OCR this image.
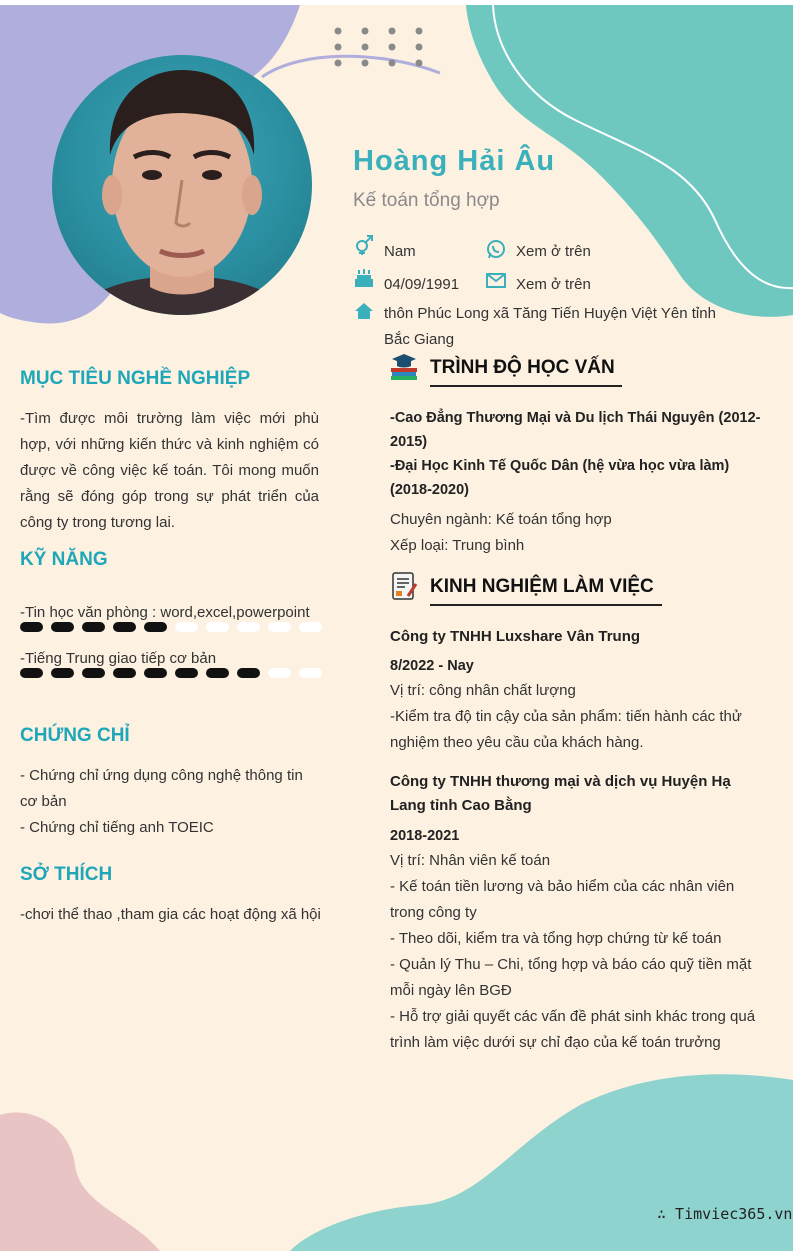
Hoàng Hải Âu
Kế toán tổng hợp
Nam	Xem ở trên
04/09/1991	Xem ở trên
thôn Phúc Long xã Tăng Tiến Huyện Việt Yên tỉnh Bắc Giang
MỤC TIÊU NGHỀ NGHIỆP
-Tìm được môi trường làm việc mới phù hợp, với những kiến thức và kinh nghiệm có được về công việc kế toán. Tôi mong muốn rằng sẽ đóng góp trong sự phát triển của công ty trong tương lai.
KỸ NĂNG
-Tin học văn phòng : word,excel,powerpoint
-Tiếng Trung giao tiếp cơ bản
CHỨNG CHỈ
- Chứng chỉ ứng dụng công nghệ thông tin cơ bản
- Chứng chỉ tiếng anh TOEIC
SỞ THÍCH
-chơi thể thao ,tham gia các hoạt động xã hội
TRÌNH ĐỘ HỌC VẤN
-Cao Đẳng Thương Mại và Du lịch Thái Nguyên (2012-2015)
-Đại Học Kinh Tế Quốc Dân (hệ vừa học vừa làm)(2018-2020)
Chuyên ngành: Kế toán tổng hợp
Xếp loại: Trung bình
KINH NGHIỆM LÀM VIỆC
Công ty TNHH Luxshare Vân Trung
8/2022 - Nay
Vị trí: công nhân chất lượng
-Kiểm tra độ tin cậy của sản phẩm: tiến hành các thử nghiệm theo yêu cầu của khách hàng.
Công ty TNHH thương mại và dịch vụ Huyện Hạ Lang tỉnh Cao Bằng
2018-2021
Vị trí: Nhân viên kế toán
- Kế toán tiền lương và bảo hiểm của các nhân viên trong công ty
- Theo dõi, kiểm tra và tổng hợp chứng từ kế toán
- Quản lý Thu – Chi, tổng hợp và báo cáo quỹ tiền mặt mỗi ngày lên BGĐ
- Hỗ trợ giải quyết các vấn đề phát sinh khác trong quá trình làm việc dưới sự chỉ đạo của kế toán trưởng
∴ Timviec365.vn
